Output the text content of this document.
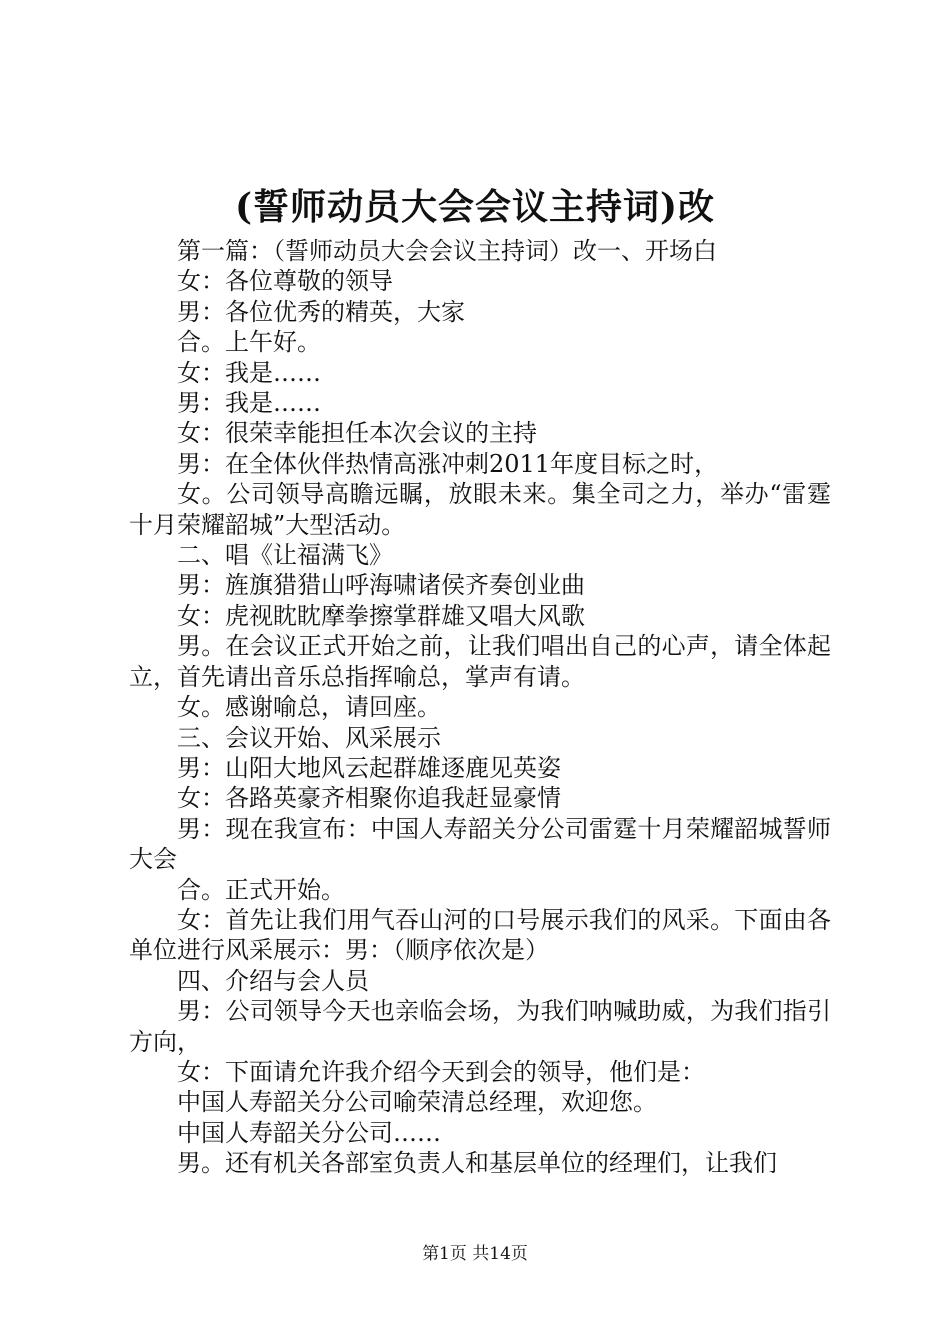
(誓师动员大会会议主持词)改

第一篇：（誓师动员大会会议主持词）改一、开场白

女：各位尊敬的领导

男：各位优秀的精英，大家

合。上午好。

女：我是……

男：我是……

女：很荣幸能担任本次会议的主持

男：在全体伙伴热情高涨冲刺2011年度目标之时，

女。公司领导高瞻远瞩，放眼未来。集全司之力，举办“雷霆十月荣耀韶城”大型活动。

二、唱《让福满飞》

男：旌旗猎猎山呼海啸诸侯齐奏创业曲

女：虎视眈眈摩拳擦掌群雄又唱大风歌

男。在会议正式开始之前，让我们唱出自己的心声，请全体起立，首先请出音乐总指挥喻总，掌声有请。

女。感谢喻总，请回座。

三、会议开始、风采展示

男：山阳大地风云起群雄逐鹿见英姿

女：各路英豪齐相聚你追我赶显豪情

男：现在我宣布：中国人寿韶关分公司雷霆十月荣耀韶城誓师大会

合。正式开始。

女：首先让我们用气吞山河的口号展示我们的风采。下面由各单位进行风采展示：男：（顺序依次是）

四、介绍与会人员

男：公司领导今天也亲临会场，为我们呐喊助威，为我们指引方向，

女：下面请允许我介绍今天到会的领导，他们是：

中国人寿韶关分公司喻荣清总经理，欢迎您。

中国人寿韶关分公司……

男。还有机关各部室负责人和基层单位的经理们，让我们

第1页 共14页
